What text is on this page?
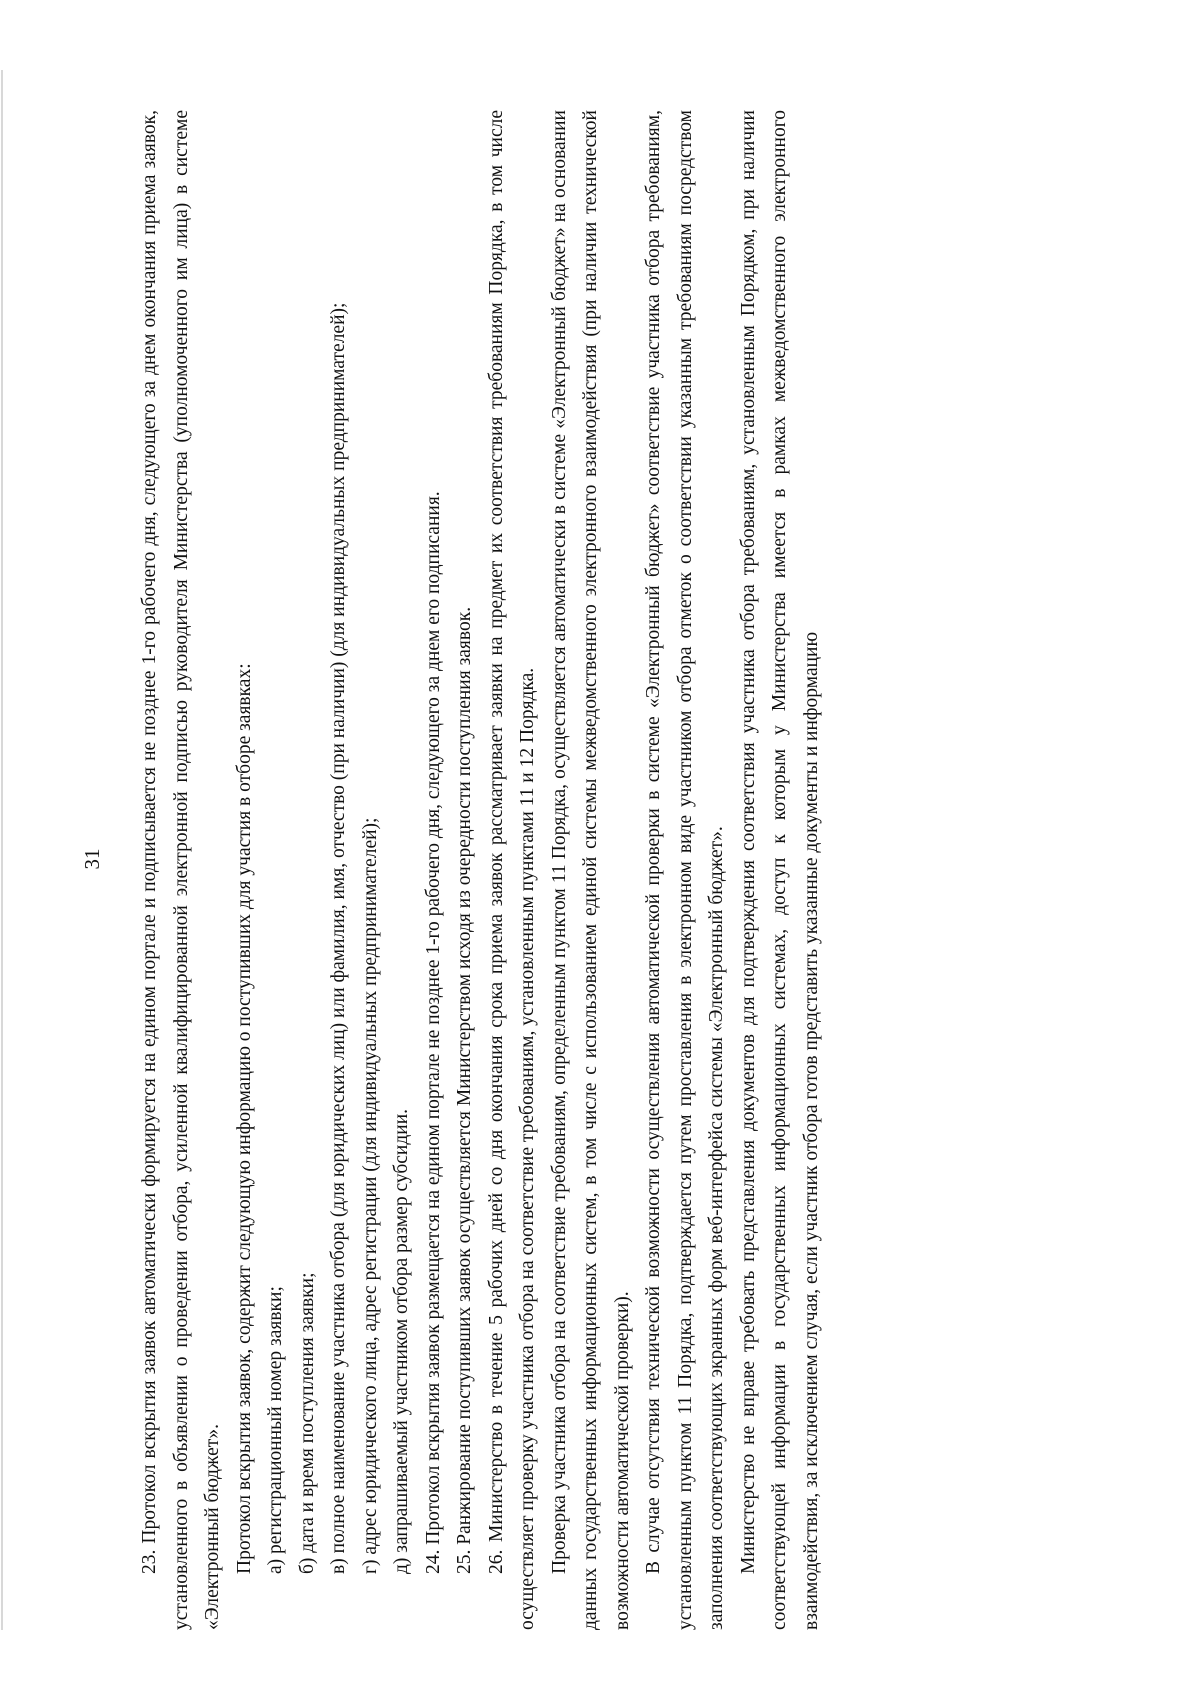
31 23. Протокол вскрытия заявок автоматически формируется на едином портале и подписывается не позднее 1-го рабочего дня, следующего за днем окончания приема заявок, установленного в объявлении о проведении отбора, усиленной квалифицированной электронной подписью руководителя Министерства (уполномоченного им лица) в системе «Электронный бюджет». Протокол вскрытия заявок, содержит следующую информацию о поступивших для участия в отборе заявках: а) регистрационный номер заявки; б) дата и время поступления заявки; в) полное наименование участника отбора (для юридических лиц) или фамилия, имя, отчество (при наличии) (для индивидуальных предпринимателей); г) адрес юридического лица, адрес регистрации (для индивидуальных предпринимателей); д) запрашиваемый участником отбора размер субсидии. 24. Протокол вскрытия заявок размещается на едином портале не позднее 1-го рабочего дня, следующего за днем его подписания. 25. Ранжирование поступивших заявок осуществляется Министерством исходя из очередности поступления заявок. 26. Министерство в течение 5 рабочих дней со дня окончания срока приема заявок рассматривает заявки на предмет их соответствия требованиям Порядка, в том числе осуществляет проверку участника отбора на соответствие требованиям, установленным пунктами 11 и 12 Порядка. Проверка участника отбора на соответствие требованиям, определенным пунктом 11 Порядка, осуществляется автоматически в системе «Электронный бюджет» на основании данных государственных информационных систем, в том числе с использованием единой системы межведомственного электронного взаимодействия (при наличии технической возможности автоматической проверки). В случае отсутствия технической возможности осуществления автоматической проверки в системе «Электронный бюджет» соответствие участника отбора требованиям, установленным пунктом 11 Порядка, подтверждается путем проставления в электронном виде участником отбора отметок о соответствии указанным требованиям посредством заполнения соответствующих экранных форм веб-интерфейса системы «Электронный бюджет». Министерство не вправе требовать представления документов для подтверждения соответствия участника отбора требованиям, установленным Порядком, при наличии соответствующей информации в государственных информационных системах, доступ к которым у Министерства имеется в рамках межведомственного электронного взаимодействия, за исключением случая, если участник отбора готов представить указанные документы и информацию
